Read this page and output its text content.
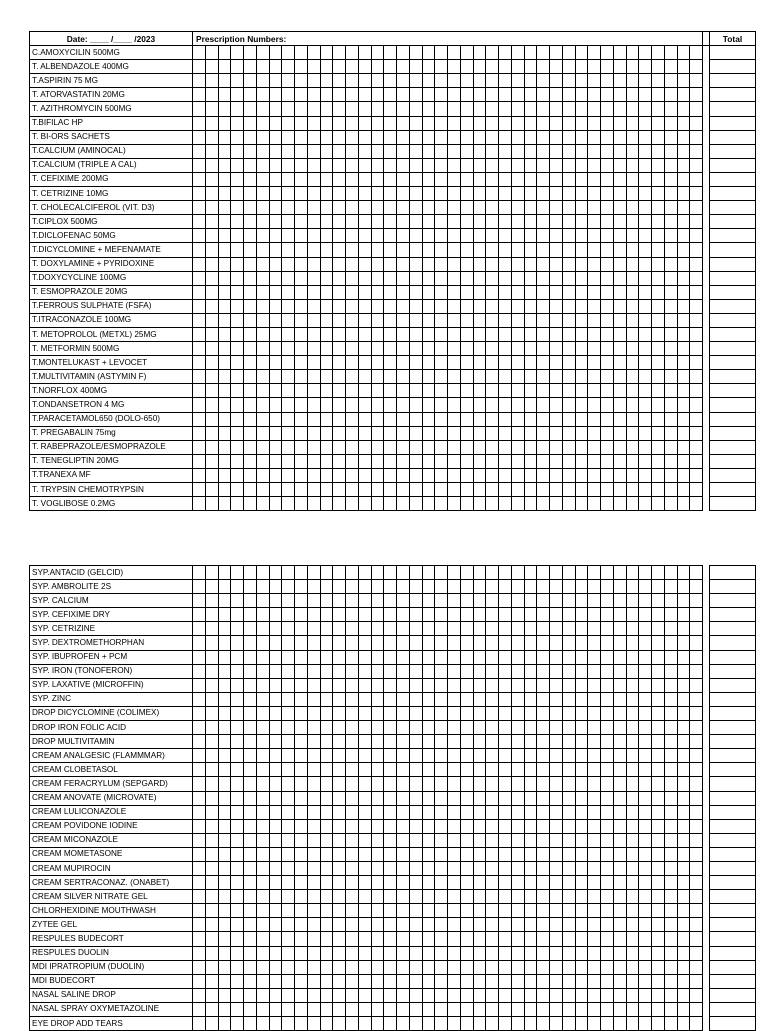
Date: ____ /____ /2023	Prescription Numbers:																																									Total
C.AMOXYCILIN 500MG																																										
T. ALBENDAZOLE 400MG																																										
T.ASPIRIN 75 MG																																										
T. ATORVASTATIN 20MG																																										
T. AZITHROMYCIN 500MG																																										
T.BIFILAC HP																																										
T. BI-ORS SACHETS																																										
T.CALCIUM (AMINOCAL)																																										
T.CALCIUM (TRIPLE A CAL)																																										
T. CEFIXIME 200MG																																										
T. CETRIZINE 10MG																																										
T. CHOLECALCIFEROL (VIT. D3)																																										
T.CIPLOX 500MG																																										
T.DICLOFENAC 50MG																																										
T.DICYCLOMINE + MEFENAMATE																																										
T. DOXYLAMINE + PYRIDOXINE																																										
T.DOXYCYCLINE 100MG																																										
T. ESMOPRAZOLE 20MG																																										
T.FERROUS SULPHATE (FSFA)																																										
T.ITRACONAZOLE 100MG																																										
T. METOPROLOL (METXL) 25MG																																										
T. METFORMIN 500MG																																										
T.MONTELUKAST + LEVOCET																																										
T.MULTIVITAMIN (ASTYMIN F)																																										
T.NORFLOX 400MG																																										
T.ONDANSETRON 4 MG																																										
T.PARACETAMOL650 (DOLO-650)																																										
T. PREGABALIN 75mg																																										
T. RABEPRAZOLE/ESMOPRAZOLE																																										
T. TENEGLIPTIN 20MG																																										
T.TRANEXA MF																																										
T. TRYPSIN CHEMOTRYPSIN																																										
T. VOGLIBOSE 0.2MG																																										
SYP.ANTACID (GELCID)																																										
SYP. AMBROLITE 2S																																										
SYP. CALCIUM																																										
SYP. CEFIXIME DRY																																										
SYP. CETRIZINE																																										
SYP. DEXTROMETHORPHAN																																										
SYP. IBUPROFEN + PCM																																										
SYP. IRON (TONOFERON)																																										
SYP. LAXATIVE (MICROFFIN)																																										
SYP. ZINC																																										
DROP DICYCLOMINE (COLIMEX)																																										
DROP IRON FOLIC ACID																																										
DROP MULTIVITAMIN																																										
CREAM ANALGESIC (FLAMMMAR)																																										
CREAM CLOBETASOL																																										
CREAM FERACRYLUM (SEPGARD)																																										
CREAM ANOVATE (MICROVATE)																																										
CREAM LULICONAZOLE																																										
CREAM POVIDONE IODINE																																										
CREAM MICONAZOLE																																										
CREAM MOMETASONE																																										
CREAM MUPIROCIN																																										
CREAM SERTRACONAZ. (ONABET)																																										
CREAM SILVER NITRATE GEL																																										
CHLORHEXIDINE MOUTHWASH																																										
ZYTEE GEL																																										
RESPULES BUDECORT																																										
RESPULES DUOLIN																																										
MDI IPRATROPIUM (DUOLIN)																																										
MDI BUDECORT																																										
NASAL SALINE DROP																																										
NASAL SPRAY OXYMETAZOLINE																																										
EYE DROP ADD TEARS																																										
